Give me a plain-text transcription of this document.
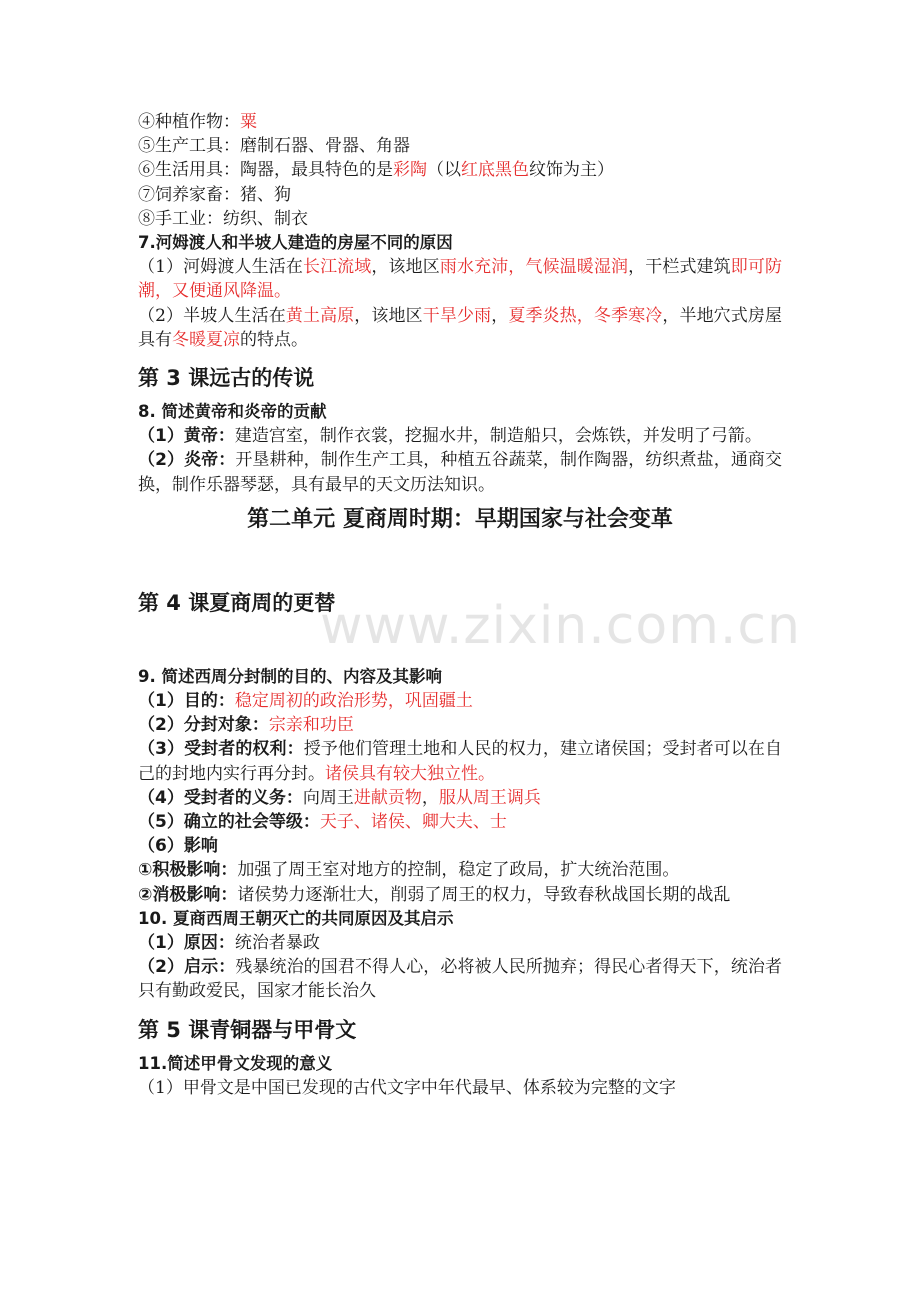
www.zixin.com.cn
④种植作物：粟
⑤生产工具：磨制石器、骨器、角器
⑥生活用具：陶器，最具特色的是彩陶（以红底黑色纹饰为主）
⑦饲养家畜：猪、狗
⑧手工业：纺织、制衣
7.河姆渡人和半坡人建造的房屋不同的原因
（1）河姆渡人生活在长江流域，该地区雨水充沛，气候温暖湿润，干栏式建筑即可防潮，又便通风降温。
（2）半坡人生活在黄土高原，该地区干旱少雨，夏季炎热，冬季寒冷，半地穴式房屋具有冬暖夏凉的特点。
第 3 课远古的传说
8. 简述黄帝和炎帝的贡献
（1）黄帝：建造宫室，制作衣裳，挖掘水井，制造船只，会炼铁，并发明了弓箭。
（2）炎帝：开垦耕种，制作生产工具，种植五谷蔬菜，制作陶器，纺织煮盐，通商交换，制作乐器琴瑟，具有最早的天文历法知识。
第二单元 夏商周时期：早期国家与社会变革
第 4 课夏商周的更替
9. 简述西周分封制的目的、内容及其影响
（1）目的：稳定周初的政治形势，巩固疆土
（2）分封对象：宗亲和功臣
（3）受封者的权利：授予他们管理土地和人民的权力，建立诸侯国；受封者可以在自己的封地内实行再分封。诸侯具有较大独立性。
（4）受封者的义务：向周王进献贡物，服从周王调兵
（5）确立的社会等级：天子、诸侯、卿大夫、士
（6）影响
①积极影响：加强了周王室对地方的控制，稳定了政局，扩大统治范围。
②消极影响：诸侯势力逐渐壮大，削弱了周王的权力，导致春秋战国长期的战乱
10. 夏商西周王朝灭亡的共同原因及其启示
（1）原因：统治者暴政
（2）启示：残暴统治的国君不得人心，必将被人民所抛弃；得民心者得天下，统治者只有勤政爱民，国家才能长治久
第 5 课青铜器与甲骨文
11.简述甲骨文发现的意义
（1）甲骨文是中国已发现的古代文字中年代最早、体系较为完整的文字
